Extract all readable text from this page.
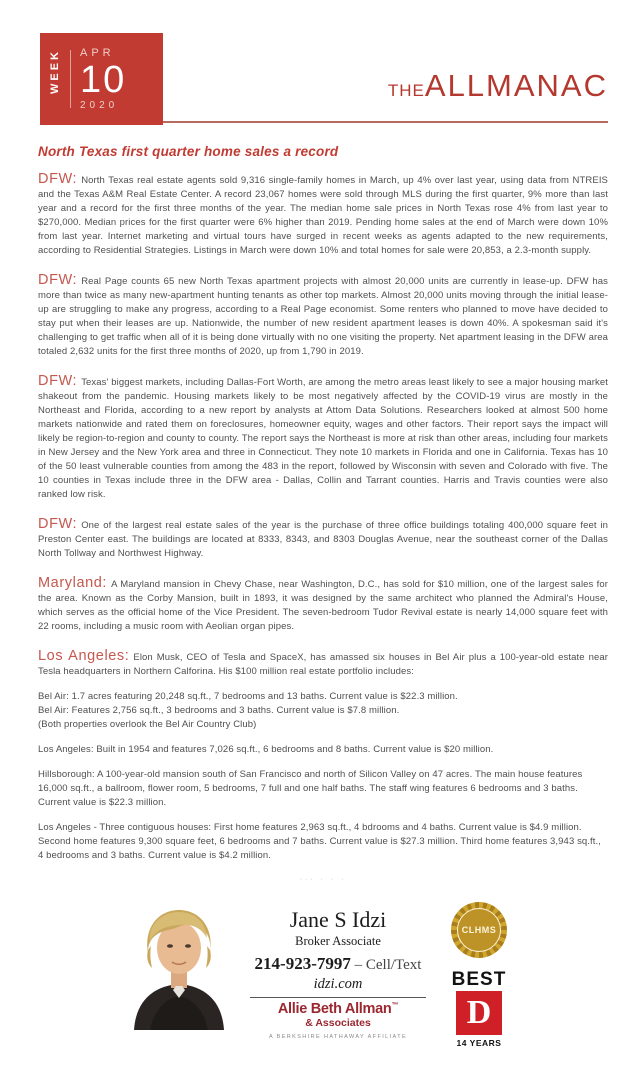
WEEK APR
10
2020
THEALLMANAC
North Texas first quarter home sales a record

DFW: North Texas real estate agents sold 9,316 single-family homes in March, up 4% over last year, using data from NTREIS and the Texas A&M Real Estate Center. A record 23,067 homes were sold through MLS during the first quarter, 9% more than last year and a record for the first three months of the year. The median home sale prices in North Texas rose 4% from last year to $270,000. Median prices for the first quarter were 6% higher than 2019. Pending home sales at the end of March were down 10% from last year. Internet marketing and virtual tours have surged in recent weeks as agents adapted to the new requirements, according to Residential Strategies. Listings in March were down 10% and total homes for sale were 20,853, a 2.3-month supply.

DFW: Real Page counts 65 new North Texas apartment projects with almost 20,000 units are currently in lease-up. DFW has more than twice as many new-apartment hunting tenants as other top markets. Almost 20,000 units moving through the initial lease-up are struggling to make any progress, according to a Real Page economist. Some renters who planned to move have decided to stay put when their leases are up. Nationwide, the number of new resident apartment leases is down 40%. A spokesman said it's challenging to get traffic when all of it is being done virtually with no one visiting the property. Net apartment leasing in the DFW area totaled 2,632 units for the first three months of 2020, up from 1,790 in 2019.

DFW: Texas' biggest markets, including Dallas-Fort Worth, are among the metro areas least likely to see a major housing market shakeout from the pandemic. Housing markets likely to be most negatively affected by the COVID-19 virus are mostly in the Northeast and Florida, according to a new report by analysts at Attom Data Solutions. Researchers looked at almost 500 home markets nationwide and rated them on foreclosures, homeowner equity, wages and other factors. Their report says the impact will likely be region-to-region and county to county. The report says the Northeast is more at risk than other areas, including four markets in New Jersey and the New York area and three in Connecticut. They note 10 markets in Florida and one in California. Texas has 10 of the 50 least vulnerable counties from among the 483 in the report, followed by Wisconsin with seven and Colorado with five. The 10 counties in Texas include three in the DFW area - Dallas, Collin and Tarrant counties. Harris and Travis counties were also ranked low risk.

DFW: One of the largest real estate sales of the year is the purchase of three office buildings totaling 400,000 square feet in Preston Center east. The buildings are located at 8333, 8343, and 8303 Douglas Avenue, near the southeast corner of the Dallas North Tollway and Northwest Highway.

Maryland: A Maryland mansion in Chevy Chase, near Washington, D.C., has sold for $10 million, one of the largest sales for the area. Known as the Corby Mansion, built in 1893, it was designed by the same architect who planned the Admiral's House, which serves as the official home of the Vice President. The seven-bedroom Tudor Revival estate is nearly 14,000 square feet with 22 rooms, including a music room with Aeolian organ pipes.

Los Angeles: Elon Musk, CEO of Tesla and SpaceX, has amassed six houses in Bel Air plus a 100-year-old estate near Tesla headquarters in Northern Calforina. His $100 million real estate portfolio includes:

Bel Air: 1.7 acres featuring 20,248 sq.ft., 7 bedrooms and 13 baths. Current value is $22.3 million.
Bel Air: Features 2,756 sq.ft., 3 bedrooms and 3 baths. Current value is $7.8 million.
(Both properties overlook the Bel Air Country Club)
Los Angeles: Built in 1954 and features 7,026 sq.ft., 6 bedrooms and 8 baths. Current value is $20 million.
Hillsborough: A 100-year-old mansion south of San Francisco and north of Silicon Valley on 47 acres. The main house features 16,000 sq.ft., a ballroom, flower room, 5 bedrooms, 7 full and one half baths. The staff wing features 6 bedrooms and 3 baths. Current value is $22.3 million.
Los Angeles - Three contiguous houses: First home features 2,963 sq.ft., 4 bdrooms and 4 baths. Current value is $4.9 million. Second home features 9,300 square feet, 6 bedrooms and 7 baths. Current value is $27.3 million. Third home features 3,943 sq.ft., 4 bedrooms and 3 baths. Current value is $4.2 million.
··· · · ·
Jane S Idzi
Broker Associate
214-923-7997 – Cell/Text
idzi.com
Allie Beth Allman™
& Associates
A BERKSHIRE HATHAWAY AFFILIATE
CLHMS
BEST
D
14 YEARS
